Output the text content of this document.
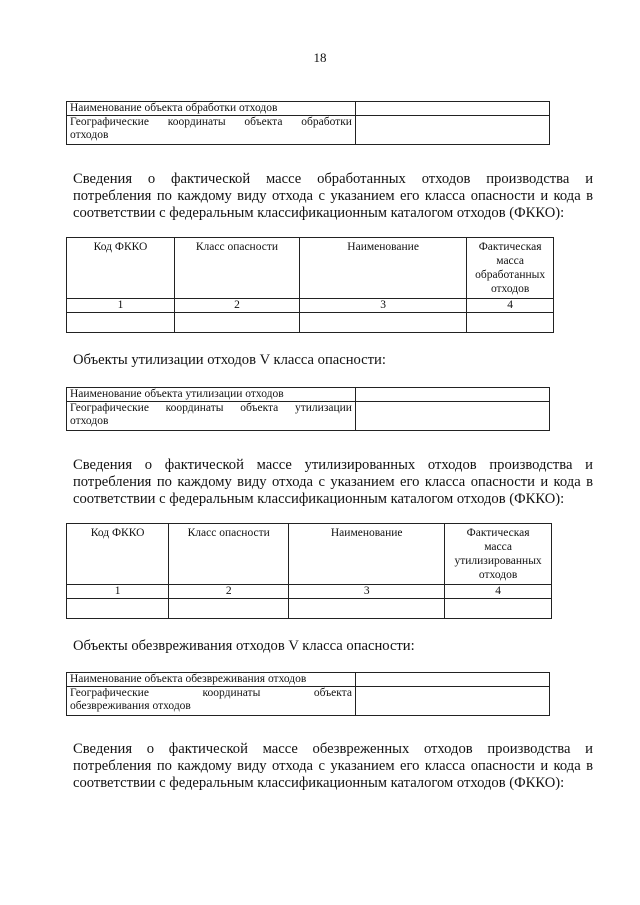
18
Наименование объекта обработки отходов	

Географические координаты объекта обработки
отходов	

Сведения о фактической массе обработанных отходов производства и
потребления по каждому виду отхода с указанием его класса опасности и кода в
соответствии с федеральным классификационным каталогом отходов (ФККО):
Код ФККО	Класс опасности	Наименование	Фактическая
масса
обработанных
отходов

1	2	3	4

Объекты утилизации отходов V класса опасности:
Наименование объекта утилизации отходов	

Географические координаты объекта утилизации
отходов	

Сведения о фактической массе утилизированных отходов производства и
потребления по каждому виду отхода с указанием его класса опасности и кода в
соответствии с федеральным классификационным каталогом отходов (ФККО):
Код ФККО	Класс опасности	Наименование	Фактическая
масса
утилизированных
отходов

1	2	3	4

Объекты обезвреживания отходов V класса опасности:
Наименование объекта обезвреживания отходов	

Географические координаты объекта
обезвреживания отходов	

Сведения о фактической массе обезвреженных отходов производства и
потребления по каждому виду отхода с указанием его класса опасности и кода в
соответствии с федеральным классификационным каталогом отходов (ФККО):
